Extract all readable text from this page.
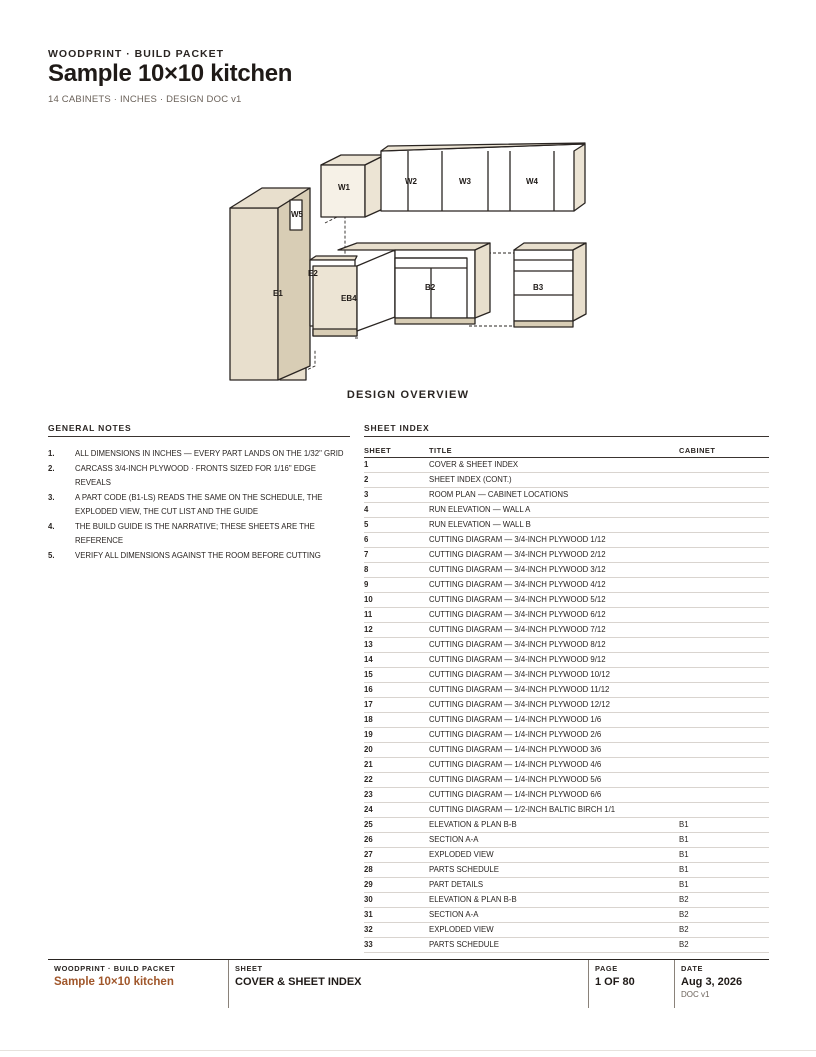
WOODPRINT · BUILD PACKET
Sample 10×10 kitchen
14 CABINETS · INCHES · DESIGN DOC v1
W1
W2	W3	W4
W5
E1
E2
EB4
B2	B3
DESIGN OVERVIEW
GENERAL NOTES
1.	ALL DIMENSIONS IN INCHES — EVERY PART LANDS ON THE 1/32" GRID
2.	CARCASS 3/4-INCH PLYWOOD · FRONTS SIZED FOR 1/16" EDGE REVEALS
3.	A PART CODE (B1-LS) READS THE SAME ON THE SCHEDULE, THE EXPLODED VIEW, THE CUT LIST AND THE GUIDE
4.	THE BUILD GUIDE IS THE NARRATIVE; THESE SHEETS ARE THE REFERENCE
5.	VERIFY ALL DIMENSIONS AGAINST THE ROOM BEFORE CUTTING
SHEET INDEX
SHEET	TITLE	CABINET
1	COVER & SHEET INDEX	
2	SHEET INDEX (CONT.)	
3	ROOM PLAN — CABINET LOCATIONS	
4	RUN ELEVATION — WALL A	
5	RUN ELEVATION — WALL B	
6	CUTTING DIAGRAM — 3/4-INCH PLYWOOD 1/12	
7	CUTTING DIAGRAM — 3/4-INCH PLYWOOD 2/12	
8	CUTTING DIAGRAM — 3/4-INCH PLYWOOD 3/12	
9	CUTTING DIAGRAM — 3/4-INCH PLYWOOD 4/12	
10	CUTTING DIAGRAM — 3/4-INCH PLYWOOD 5/12	
11	CUTTING DIAGRAM — 3/4-INCH PLYWOOD 6/12	
12	CUTTING DIAGRAM — 3/4-INCH PLYWOOD 7/12	
13	CUTTING DIAGRAM — 3/4-INCH PLYWOOD 8/12	
14	CUTTING DIAGRAM — 3/4-INCH PLYWOOD 9/12	
15	CUTTING DIAGRAM — 3/4-INCH PLYWOOD 10/12	
16	CUTTING DIAGRAM — 3/4-INCH PLYWOOD 11/12	
17	CUTTING DIAGRAM — 3/4-INCH PLYWOOD 12/12	
18	CUTTING DIAGRAM — 1/4-INCH PLYWOOD 1/6	
19	CUTTING DIAGRAM — 1/4-INCH PLYWOOD 2/6	
20	CUTTING DIAGRAM — 1/4-INCH PLYWOOD 3/6	
21	CUTTING DIAGRAM — 1/4-INCH PLYWOOD 4/6	
22	CUTTING DIAGRAM — 1/4-INCH PLYWOOD 5/6	
23	CUTTING DIAGRAM — 1/4-INCH PLYWOOD 6/6	
24	CUTTING DIAGRAM — 1/2-INCH BALTIC BIRCH 1/1	
25	ELEVATION & PLAN B-B	B1
26	SECTION A-A	B1
27	EXPLODED VIEW	B1
28	PARTS SCHEDULE	B1
29	PART DETAILS	B1
30	ELEVATION & PLAN B-B	B2
31	SECTION A-A	B2
32	EXPLODED VIEW	B2
33	PARTS SCHEDULE	B2
WOODPRINT · BUILD PACKET
Sample 10×10 kitchen
SHEET
COVER & SHEET INDEX
PAGE
1 OF 80
DATE
Aug 3, 2026
DOC v1
